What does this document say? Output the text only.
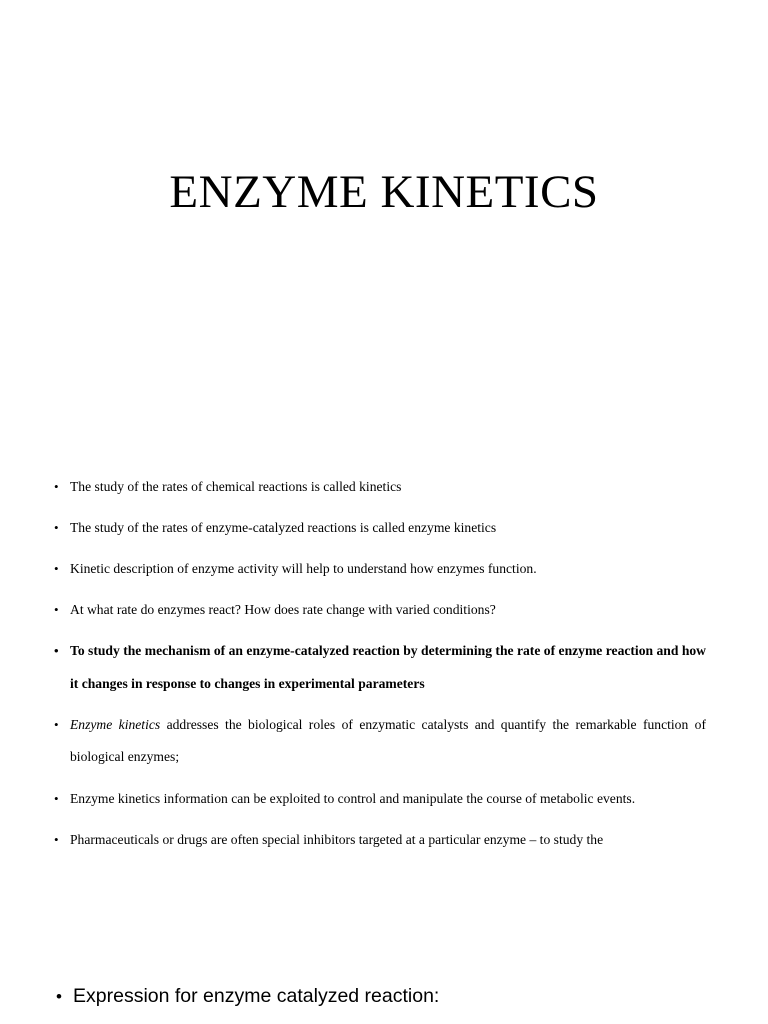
ENZYME KINETICS

• The study of the rates of chemical reactions is called kinetics

• The study of the rates of enzyme-catalyzed reactions is called enzyme kinetics

• Kinetic description of enzyme activity will help to understand how enzymes function.

• At what rate do enzymes react? How does rate change with varied conditions?

• To study the mechanism of an enzyme-catalyzed reaction by determining the rate of enzyme reaction and how it changes in response to changes in experimental parameters

• Enzyme kinetics addresses the biological roles of enzymatic catalysts and quantify the remarkable function of biological enzymes;

• Enzyme kinetics information can be exploited to control and manipulate the course of metabolic events.

• Pharmaceuticals or drugs are often special inhibitors targeted at a particular enzyme – to study the

• Expression for enzyme catalyzed reaction:
